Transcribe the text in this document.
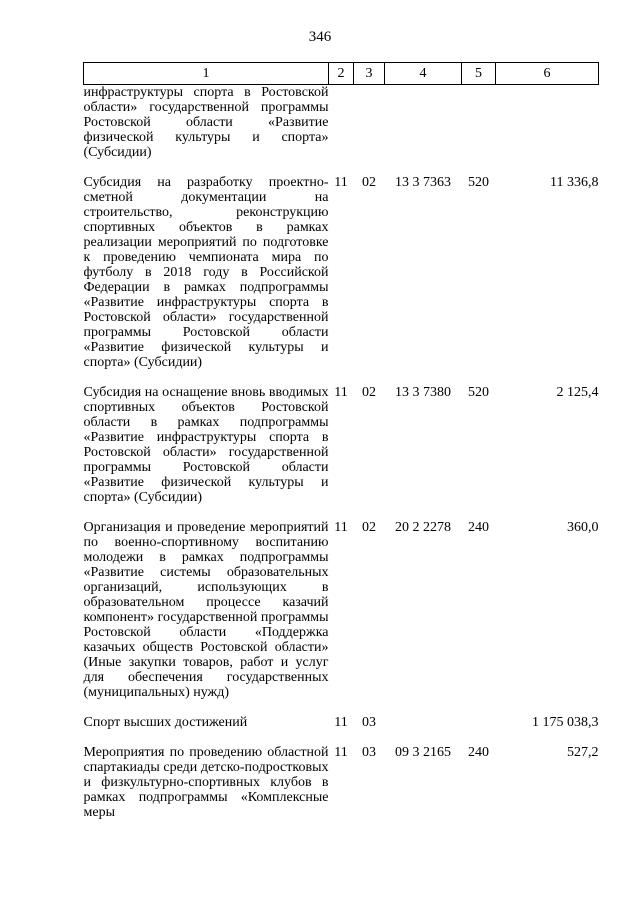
346
1	2	3	4	5	6
инфраструктуры спорта в Ростовской области» государственной программы Ростовской области «Развитие физической культуры и спорта» (Субсидии)					
Субсидия на разработку проектно-сметной документации на строительство, реконструкцию спортивных объектов в рамках реализации мероприятий по подготовке к проведению чемпионата мира по футболу в 2018 году в Российской Федерации в рамках подпрограммы «Развитие инфраструктуры спорта в Ростовской области» государственной программы Ростовской области «Развитие физической культуры и спорта» (Субсидии)	11	02	13 3 7363	520	11 336,8
Субсидия на оснащение вновь вводимых спортивных объектов Ростовской области в рамках подпрограммы «Развитие инфраструктуры спорта в Ростовской области» государственной программы Ростовской области «Развитие физической культуры и спорта» (Субсидии)	11	02	13 3 7380	520	2 125,4
Организация и проведение мероприятий по военно-спортивному воспитанию молодежи в рамках подпрограммы «Развитие системы образовательных организаций, использующих в образовательном процессе казачий компонент» государственной программы Ростовской области «Поддержка казачьих обществ Ростовской области» (Иные закупки товаров, работ и услуг для обеспечения государственных (муниципальных) нужд)	11	02	20 2 2278	240	360,0
Спорт высших достижений	11	03			1 175 038,3
Мероприятия по проведению областной спартакиады среди детско-подростковых и физкультурно-спортивных клубов в рамках подпрограммы «Комплексные меры	11	03	09 3 2165	240	527,2
